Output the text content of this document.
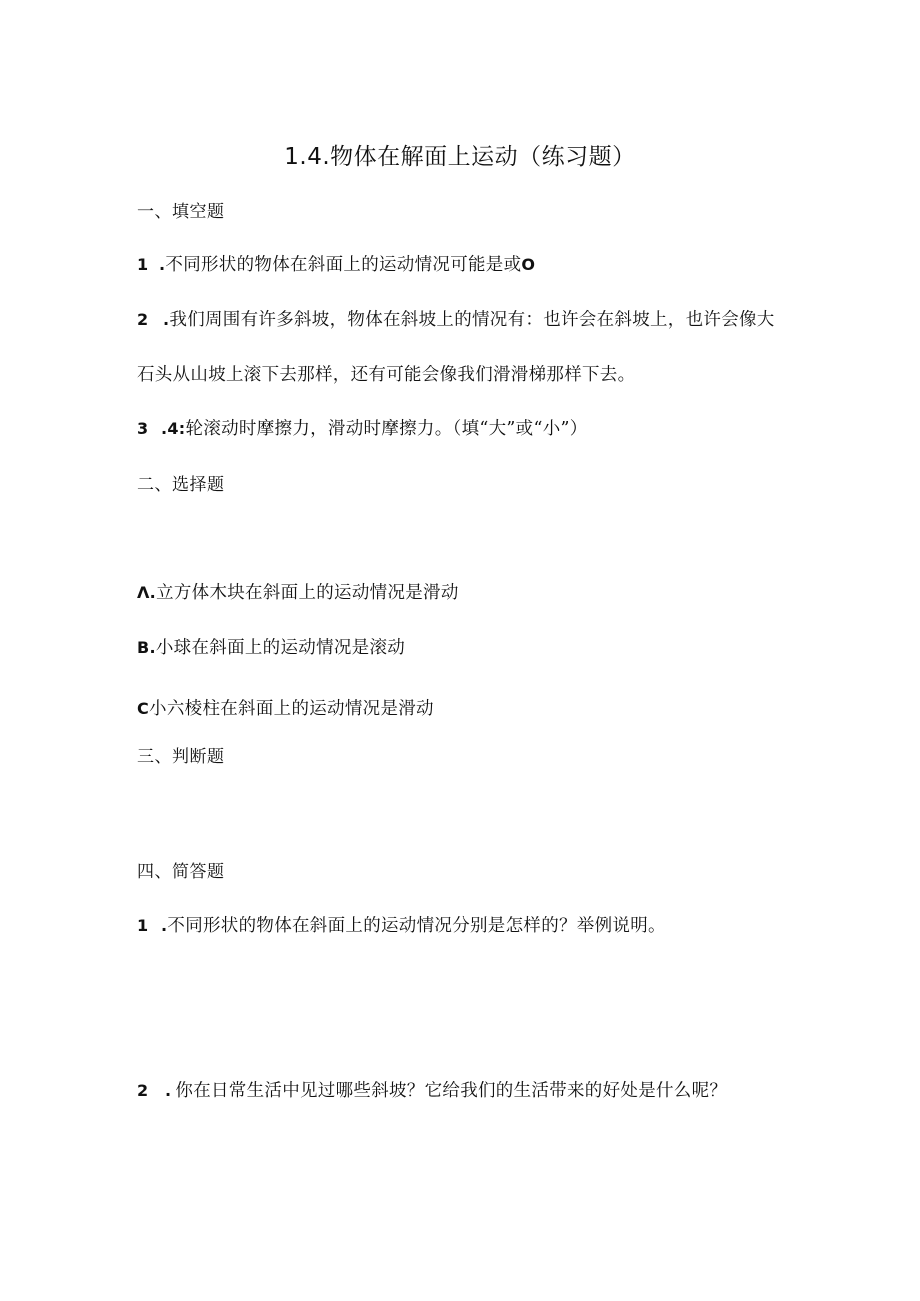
1.4.物体在解面上运动（练习题）
一、填空题
1 .不同形状的物体在斜面上的运动情况可能是或O
2 .我们周围有许多斜坡，物体在斜坡上的情况有：也许会在斜坡上，也许会像大
石头从山坡上滚下去那样，还有可能会像我们滑滑梯那样下去。
3 .4:轮滚动时摩擦力，滑动时摩擦力。（填“大”或“小”）
二、选择题
Λ.立方体木块在斜面上的运动情况是滑动
B.小球在斜面上的运动情况是滚动
C小六棱柱在斜面上的运动情况是滑动
三、判断题
四、简答题
1 .不同形状的物体在斜面上的运动情况分别是怎样的？举例说明。
2 . 你在日常生活中见过哪些斜坡？它给我们的生活带来的好处是什么呢？
